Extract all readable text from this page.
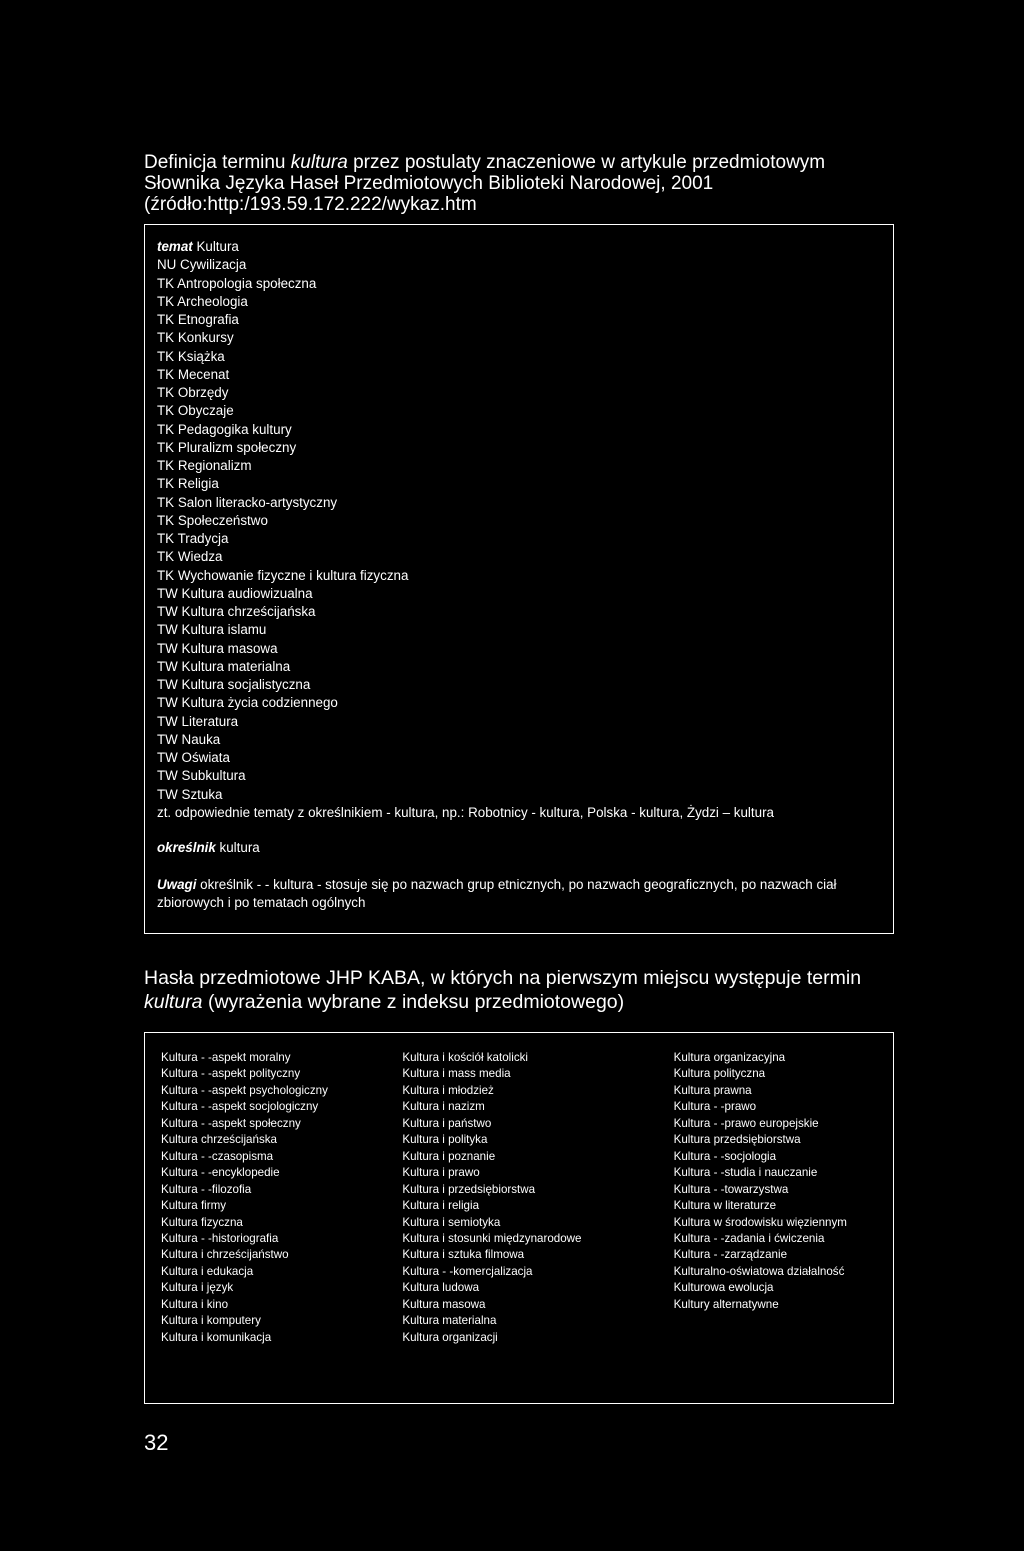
Definicja terminu kultura przez postulaty znaczeniowe w artykule przedmiotowym Słownika Języka Haseł Przedmiotowych Biblioteki Narodowej, 2001 (źródło:http:/193.59.172.222/wykaz.htm
temat Kultura
NU Cywilizacja
TK Antropologia społeczna
TK Archeologia
TK Etnografia
TK Konkursy
TK Książka
TK Mecenat
TK Obrzędy
TK Obyczaje
TK Pedagogika kultury
TK Pluralizm społeczny
TK Regionalizm
TK Religia
TK Salon literacko-artystyczny
TK Społeczeństwo
TK Tradycja
TK Wiedza
TK Wychowanie fizyczne i kultura fizyczna
TW Kultura audiowizualna
TW Kultura chrześcijańska
TW Kultura islamu
TW Kultura masowa
TW Kultura materialna
TW Kultura socjalistyczna
TW Kultura życia codziennego
TW Literatura
TW Nauka
TW Oświata
TW Subkultura
TW Sztuka
zt. odpowiednie tematy z określnikiem - kultura, np.: Robotnicy - kultura, Polska - kultura, Żydzi – kultura
określnik kultura
Uwagi określnik - - kultura - stosuje się po nazwach grup etnicznych, po nazwach geograficznych, po nazwach ciał zbiorowych i po tematach ogólnych
Hasła przedmiotowe JHP KABA, w których na pierwszym miejscu występuje termin kultura (wyrażenia wybrane z indeksu przedmiotowego)
Kultura - -aspekt moralny
Kultura - -aspekt polityczny
Kultura - -aspekt psychologiczny
Kultura - -aspekt socjologiczny
Kultura - -aspekt społeczny
Kultura chrześcijańska
Kultura - -czasopisma
Kultura - -encyklopedie
Kultura - -filozofia
Kultura firmy
Kultura fizyczna
Kultura - -historiografia
Kultura i chrześcijaństwo
Kultura i edukacja
Kultura i język
Kultura i kino
Kultura i komputery
Kultura i komunikacja
Kultura i kościół katolicki
Kultura i mass media
Kultura i młodzież
Kultura i nazizm
Kultura i państwo
Kultura i polityka
Kultura i poznanie
Kultura i prawo
Kultura i przedsiębiorstwa
Kultura i religia
Kultura i semiotyka
Kultura i stosunki międzynarodowe
Kultura i sztuka filmowa
Kultura - -komercjalizacja
Kultura ludowa
Kultura masowa
Kultura materialna
Kultura organizacji
Kultura organizacyjna
Kultura polityczna
Kultura prawna
Kultura - -prawo
Kultura - -prawo europejskie
Kultura przedsiębiorstwa
Kultura - -socjologia
Kultura - -studia i nauczanie
Kultura - -towarzystwa
Kultura w literaturze
Kultura w środowisku więziennym
Kultura - -zadania i ćwiczenia
Kultura - -zarządzanie
Kulturalno-oświatowa działalność
Kulturowa ewolucja
Kultury alternatywne
32
